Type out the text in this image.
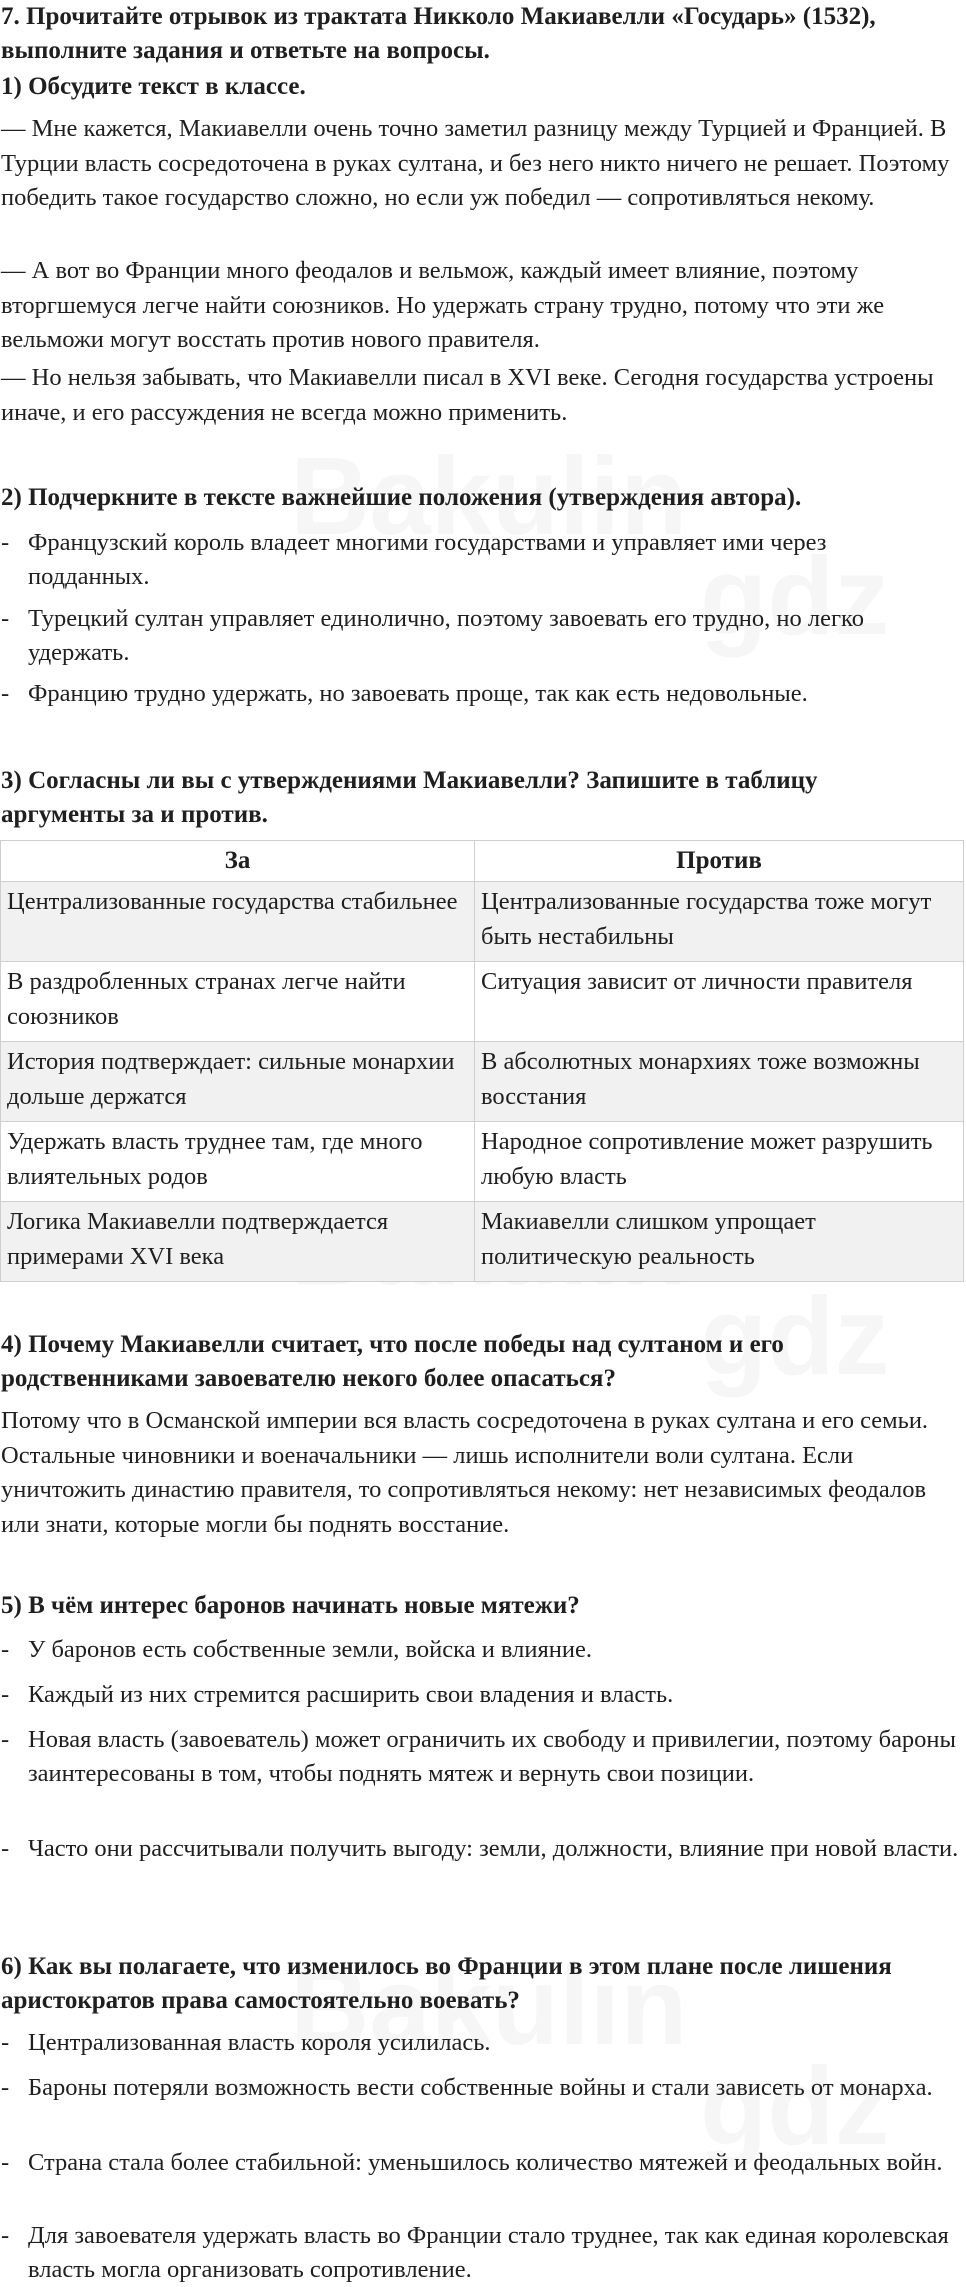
7. Прочитайте отрывок из трактата Никколо Макиавелли «Государь» (1532), выполните задания и ответьте на вопросы.

1) Обсудите текст в классе.

— Мне кажется, Макиавелли очень точно заметил разницу между Турцией и Францией. В Турции власть сосредоточена в руках султана, и без него никто ничего не решает. Поэтому победить такое государство сложно, но если уж победил — сопротивляться некому.

— А вот во Франции много феодалов и вельмож, каждый имеет влияние, поэтому вторгшемуся легче найти союзников. Но удержать страну трудно, потому что эти же вельможи могут восстать против нового правителя.

— Но нельзя забывать, что Макиавелли писал в XVI веке. Сегодня государства устроены иначе, и его рассуждения не всегда можно применить.

2) Подчеркните в тексте важнейшие положения (утверждения автора).

- Французский король владеет многими государствами и управляет ими через подданных.
- Турецкий султан управляет единолично, поэтому завоевать его трудно, но легко удержать.
- Францию трудно удержать, но завоевать проще, так как есть недовольные.

3) Согласны ли вы с утверждениями Макиавелли? Запишите в таблицу аргументы за и против.

За	Против
Централизованные государства стабильнее	Централизованные государства тоже могут быть нестабильны
В раздробленных странах легче найти союзников	Ситуация зависит от личности правителя
История подтверждает: сильные монархии дольше держатся	В абсолютных монархиях тоже возможны восстания
Удержать власть труднее там, где много влиятельных родов	Народное сопротивление может разрушить любую власть
Логика Макиавелли подтверждается примерами XVI века	Макиавелли слишком упрощает политическую реальность

4) Почему Макиавелли считает, что после победы над султаном и его родственниками завоевателю некого более опасаться?

Потому что в Османской империи вся власть сосредоточена в руках султана и его семьи. Остальные чиновники и военачальники — лишь исполнители воли султана. Если уничтожить династию правителя, то сопротивляться некому: нет независимых феодалов или знати, которые могли бы поднять восстание.

5) В чём интерес баронов начинать новые мятежи?

- У баронов есть собственные земли, войска и влияние.
- Каждый из них стремится расширить свои владения и власть.
- Новая власть (завоеватель) может ограничить их свободу и привилегии, поэтому бароны заинтересованы в том, чтобы поднять мятеж и вернуть свои позиции.
- Часто они рассчитывали получить выгоду: земли, должности, влияние при новой власти.

6) Как вы полагаете, что изменилось во Франции в этом плане после лишения аристократов права самостоятельно воевать?

- Централизованная власть короля усилилась.
- Бароны потеряли возможность вести собственные войны и стали зависеть от монарха.
- Страна стала более стабильной: уменьшилось количество мятежей и феодальных войн.
- Для завоевателя удержать власть во Франции стало труднее, так как единая королевская власть могла организовать сопротивление.
